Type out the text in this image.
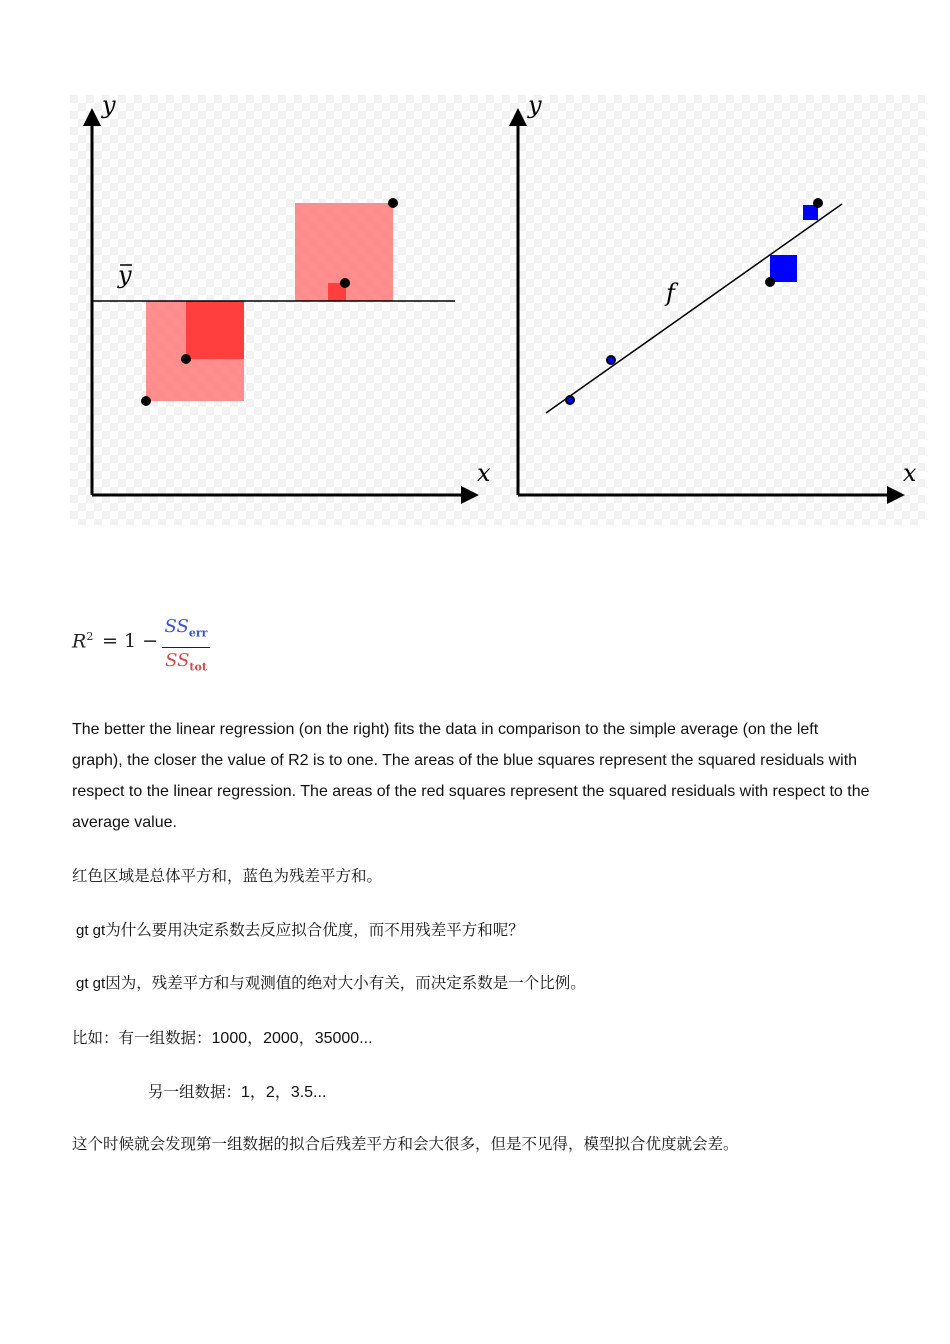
y
x
y
y
x
f
$R^2 = 1$ −
$SS_{err}$
$SS_{tot}$
The better the linear regression (on the right) fits the data in comparison to the simple average (on the left graph), the closer the value of R2 is to one. The areas of the blue squares represent the squared residuals with respect to the linear regression. The areas of the red squares represent the squared residuals with respect to the average value.
红色区域是总体平方和，蓝色为残差平方和。
gt gt为什么要用决定系数去反应拟合优度，而不用残差平方和呢？
gt gt因为，残差平方和与观测值的绝对大小有关，而决定系数是一个比例。
比如：有一组数据：1000，2000，35000...
另一组数据：1，2，3.5...
这个时候就会发现第一组数据的拟合后残差平方和会大很多，但是不见得，模型拟合优度就会差。
